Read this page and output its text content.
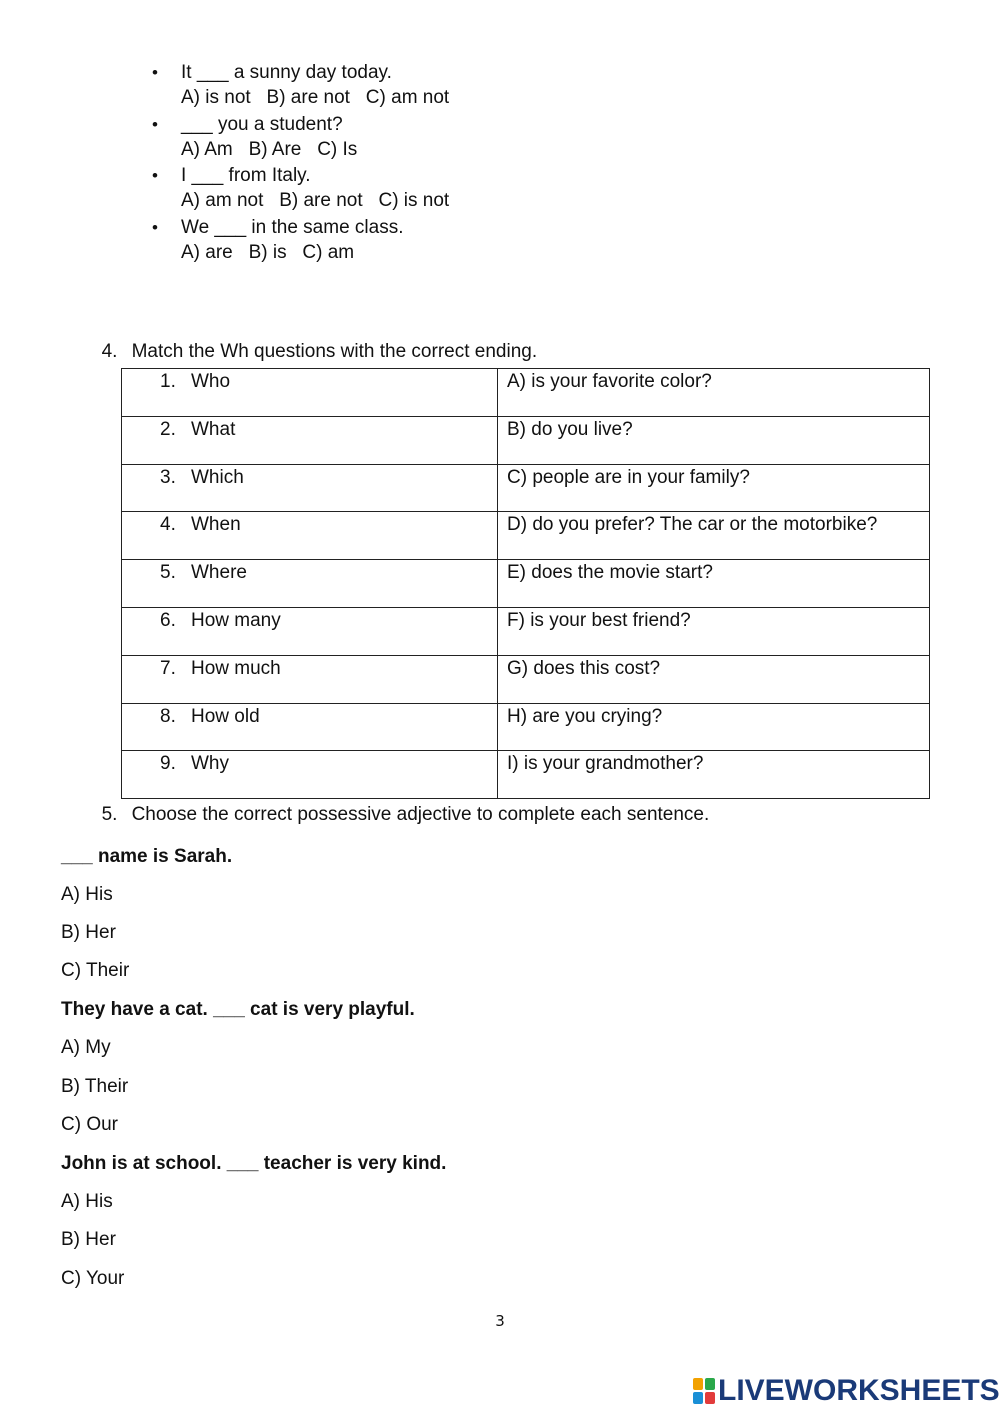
• It ___ a sunny day today.
A) is not   B) are not   C) am not
• ___ you a student?
A) Am   B) Are   C) Is
• I ___ from Italy.
A) am not   B) are not   C) is not
• We ___ in the same class.
A) are   B) is   C) am

4. Match the Wh questions with the correct ending.

1. Who	A) is your favorite color?
2. What	B) do you live?
3. Which	C) people are in your family?
4. When	D) do you prefer? The car or the motorbike?
5. Where	E) does the movie start?
6. How many	F) is your best friend?
7. How much	G) does this cost?
8. How old	H) are you crying?
9. Why	I) is your grandmother?

5. Choose the correct possessive adjective to complete each sentence.

___ name is Sarah.
A) His
B) Her
C) Their
They have a cat. ___ cat is very playful.
A) My
B) Their
C) Our
John is at school. ___ teacher is very kind.
A) His
B) Her
C) Your
3
LIVEWORKSHEETS
